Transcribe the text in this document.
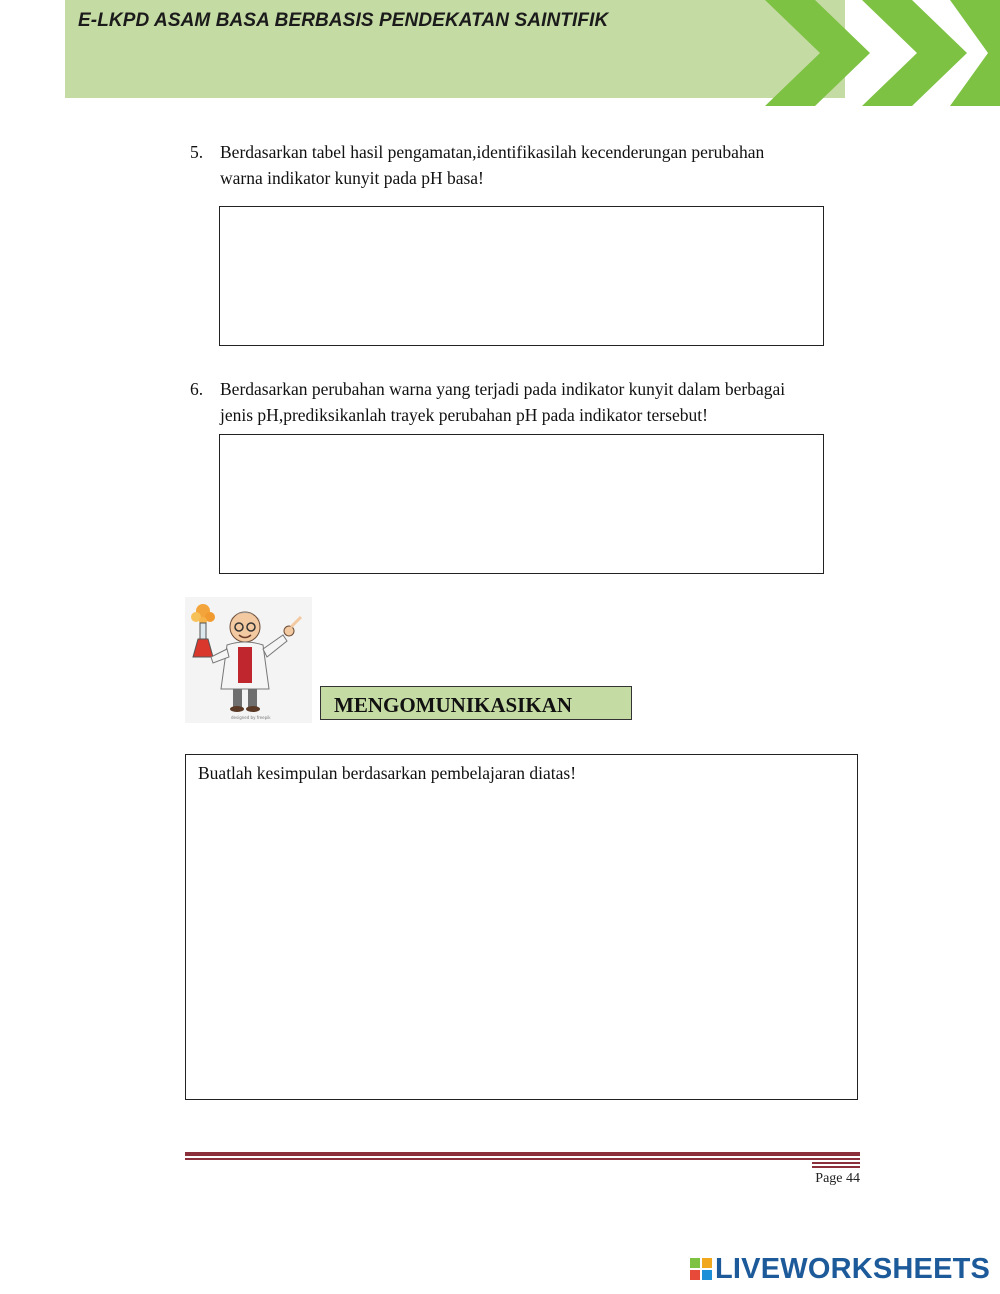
E-LKPD ASAM BASA BERBASIS PENDEKATAN SAINTIFIK
5. Berdasarkan tabel hasil pengamatan,identifikasilah kecenderungan perubahan
warna indikator kunyit pada pH basa!
6. Berdasarkan perubahan warna yang terjadi pada indikator kunyit dalam berbagai
jenis pH,prediksikanlah trayek perubahan pH pada indikator tersebut!
designed by freepik
MENGOMUNIKASIKAN
Buatlah kesimpulan berdasarkan pembelajaran diatas!
Page 44
LIVEWORKSHEETS
